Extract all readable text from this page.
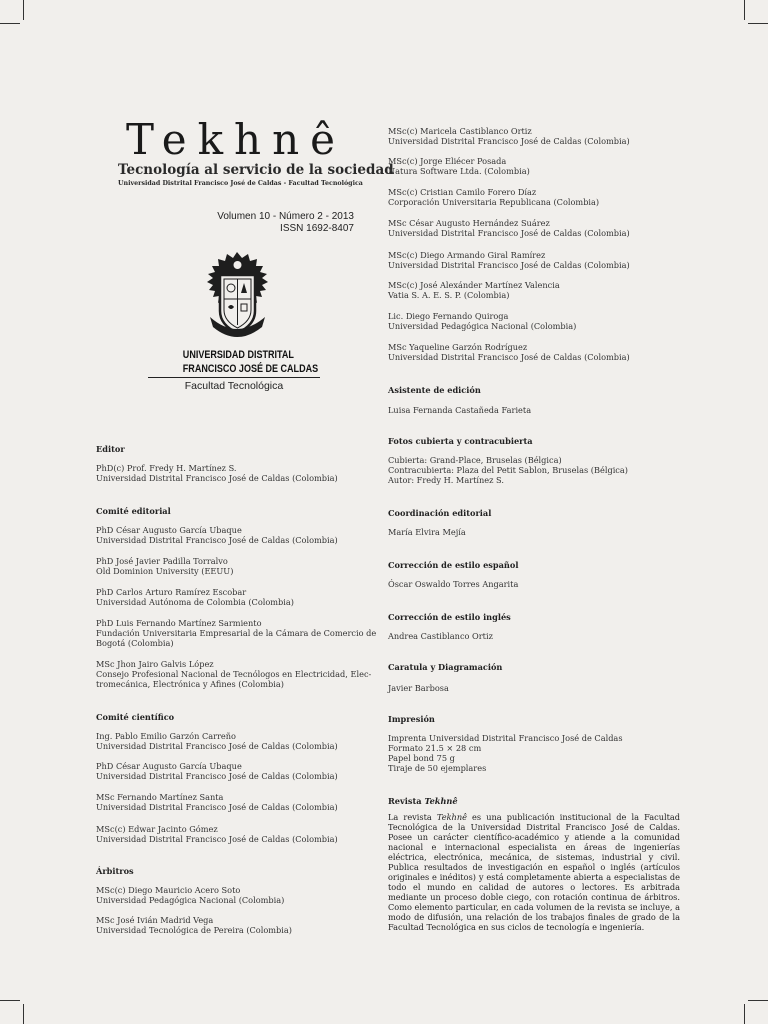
Tekhnê
Tecnología al servicio de la sociedad
Universidad Distrital Francisco José de Caldas - Facultad Tecnológica
Volumen 10 - Número 2 - 2013
ISSN 1692-8407
UNIVERSIDAD DISTRITAL
FRANCISCO JOSÉ DE CALDAS
Facultad Tecnológica
Editor
PhD(c) Prof. Fredy H. Martínez S.
Universidad Distrital Francisco José de Caldas (Colombia)
Comité editorial
PhD César Augusto García Ubaque
Universidad Distrital Francisco José de Caldas (Colombia)
PhD José Javier Padilla Torralvo
Old Dominion University (EEUU)
PhD Carlos Arturo Ramírez Escobar
Universidad Autónoma de Colombia (Colombia)
PhD Luis Fernando Martínez Sarmiento
Fundación Universitaria Empresarial de la Cámara de Comercio de
Bogotá (Colombia)
MSc Jhon Jairo Galvis López
Consejo Profesional Nacional de Tecnólogos en Electricidad, Elec-
tromecánica, Electrónica y Afines (Colombia)
Comité científico
Ing. Pablo Emilio Garzón Carreño
Universidad Distrital Francisco José de Caldas (Colombia)
PhD César Augusto García Ubaque
Universidad Distrital Francisco José de Caldas (Colombia)
MSc Fernando Martínez Santa
Universidad Distrital Francisco José de Caldas (Colombia)
MSc(c) Edwar Jacinto Gómez
Universidad Distrital Francisco José de Caldas (Colombia)
Árbitros
MSc(c) Diego Mauricio Acero Soto
Universidad Pedagógica Nacional (Colombia)
MSc José Ivián Madrid Vega
Universidad Tecnológica de Pereira (Colombia)
MSc(c) Maricela Castiblanco Ortiz
Universidad Distrital Francisco José de Caldas (Colombia)
MSc(c) Jorge Eliécer Posada
Natura Software Ltda. (Colombia)
MSc(c) Cristian Camilo Forero Díaz
Corporación Universitaria Republicana (Colombia)
MSc César Augusto Hernández Suárez
Universidad Distrital Francisco José de Caldas (Colombia)
MSc(c) Diego Armando Giral Ramírez
Universidad Distrital Francisco José de Caldas (Colombia)
MSc(c) José Alexánder Martínez Valencia
Vatia S. A. E. S. P. (Colombia)
Lic. Diego Fernando Quiroga
Universidad Pedagógica Nacional (Colombia)
MSc Yaqueline Garzón Rodríguez
Universidad Distrital Francisco José de Caldas (Colombia)
Asistente de edición
Luisa Fernanda Castañeda Farieta
Fotos cubierta y contracubierta
Cubierta: Grand-Place, Bruselas (Bélgica)
Contracubierta: Plaza del Petit Sablon, Bruselas (Bélgica)
Autor: Fredy H. Martínez S.
Coordinación editorial
María Elvira Mejía
Corrección de estilo español
Óscar Oswaldo Torres Angarita
Corrección de estilo inglés
Andrea Castiblanco Ortiz
Caratula y Diagramación
Javier Barbosa
Impresión
Imprenta Universidad Distrital Francisco José de Caldas
Formato 21.5 × 28 cm
Papel bond 75 g
Tiraje de 50 ejemplares
Revista Tekhnê
La revista Tekhnê es una publicación institucional de la Facultad Tecnológica de la Universidad Distrital Francisco José de Caldas. Posee un carácter científico-académico y atiende a la comunidad nacional e internacional especialista en áreas de ingenierías eléctrica, electrónica, mecánica, de sistemas, industrial y civil. Publica resultados de investigación en español o inglés (artículos originales e inéditos) y está completamente abierta a especialistas de todo el mundo en calidad de autores o lectores. Es arbitrada mediante un proceso doble ciego, con rotación continua de árbitros. Como elemento particular, en cada volumen de la revista se incluye, a modo de difusión, una relación de los trabajos finales de grado de la Facultad Tecnológica en sus ciclos de tecnología e ingeniería.
